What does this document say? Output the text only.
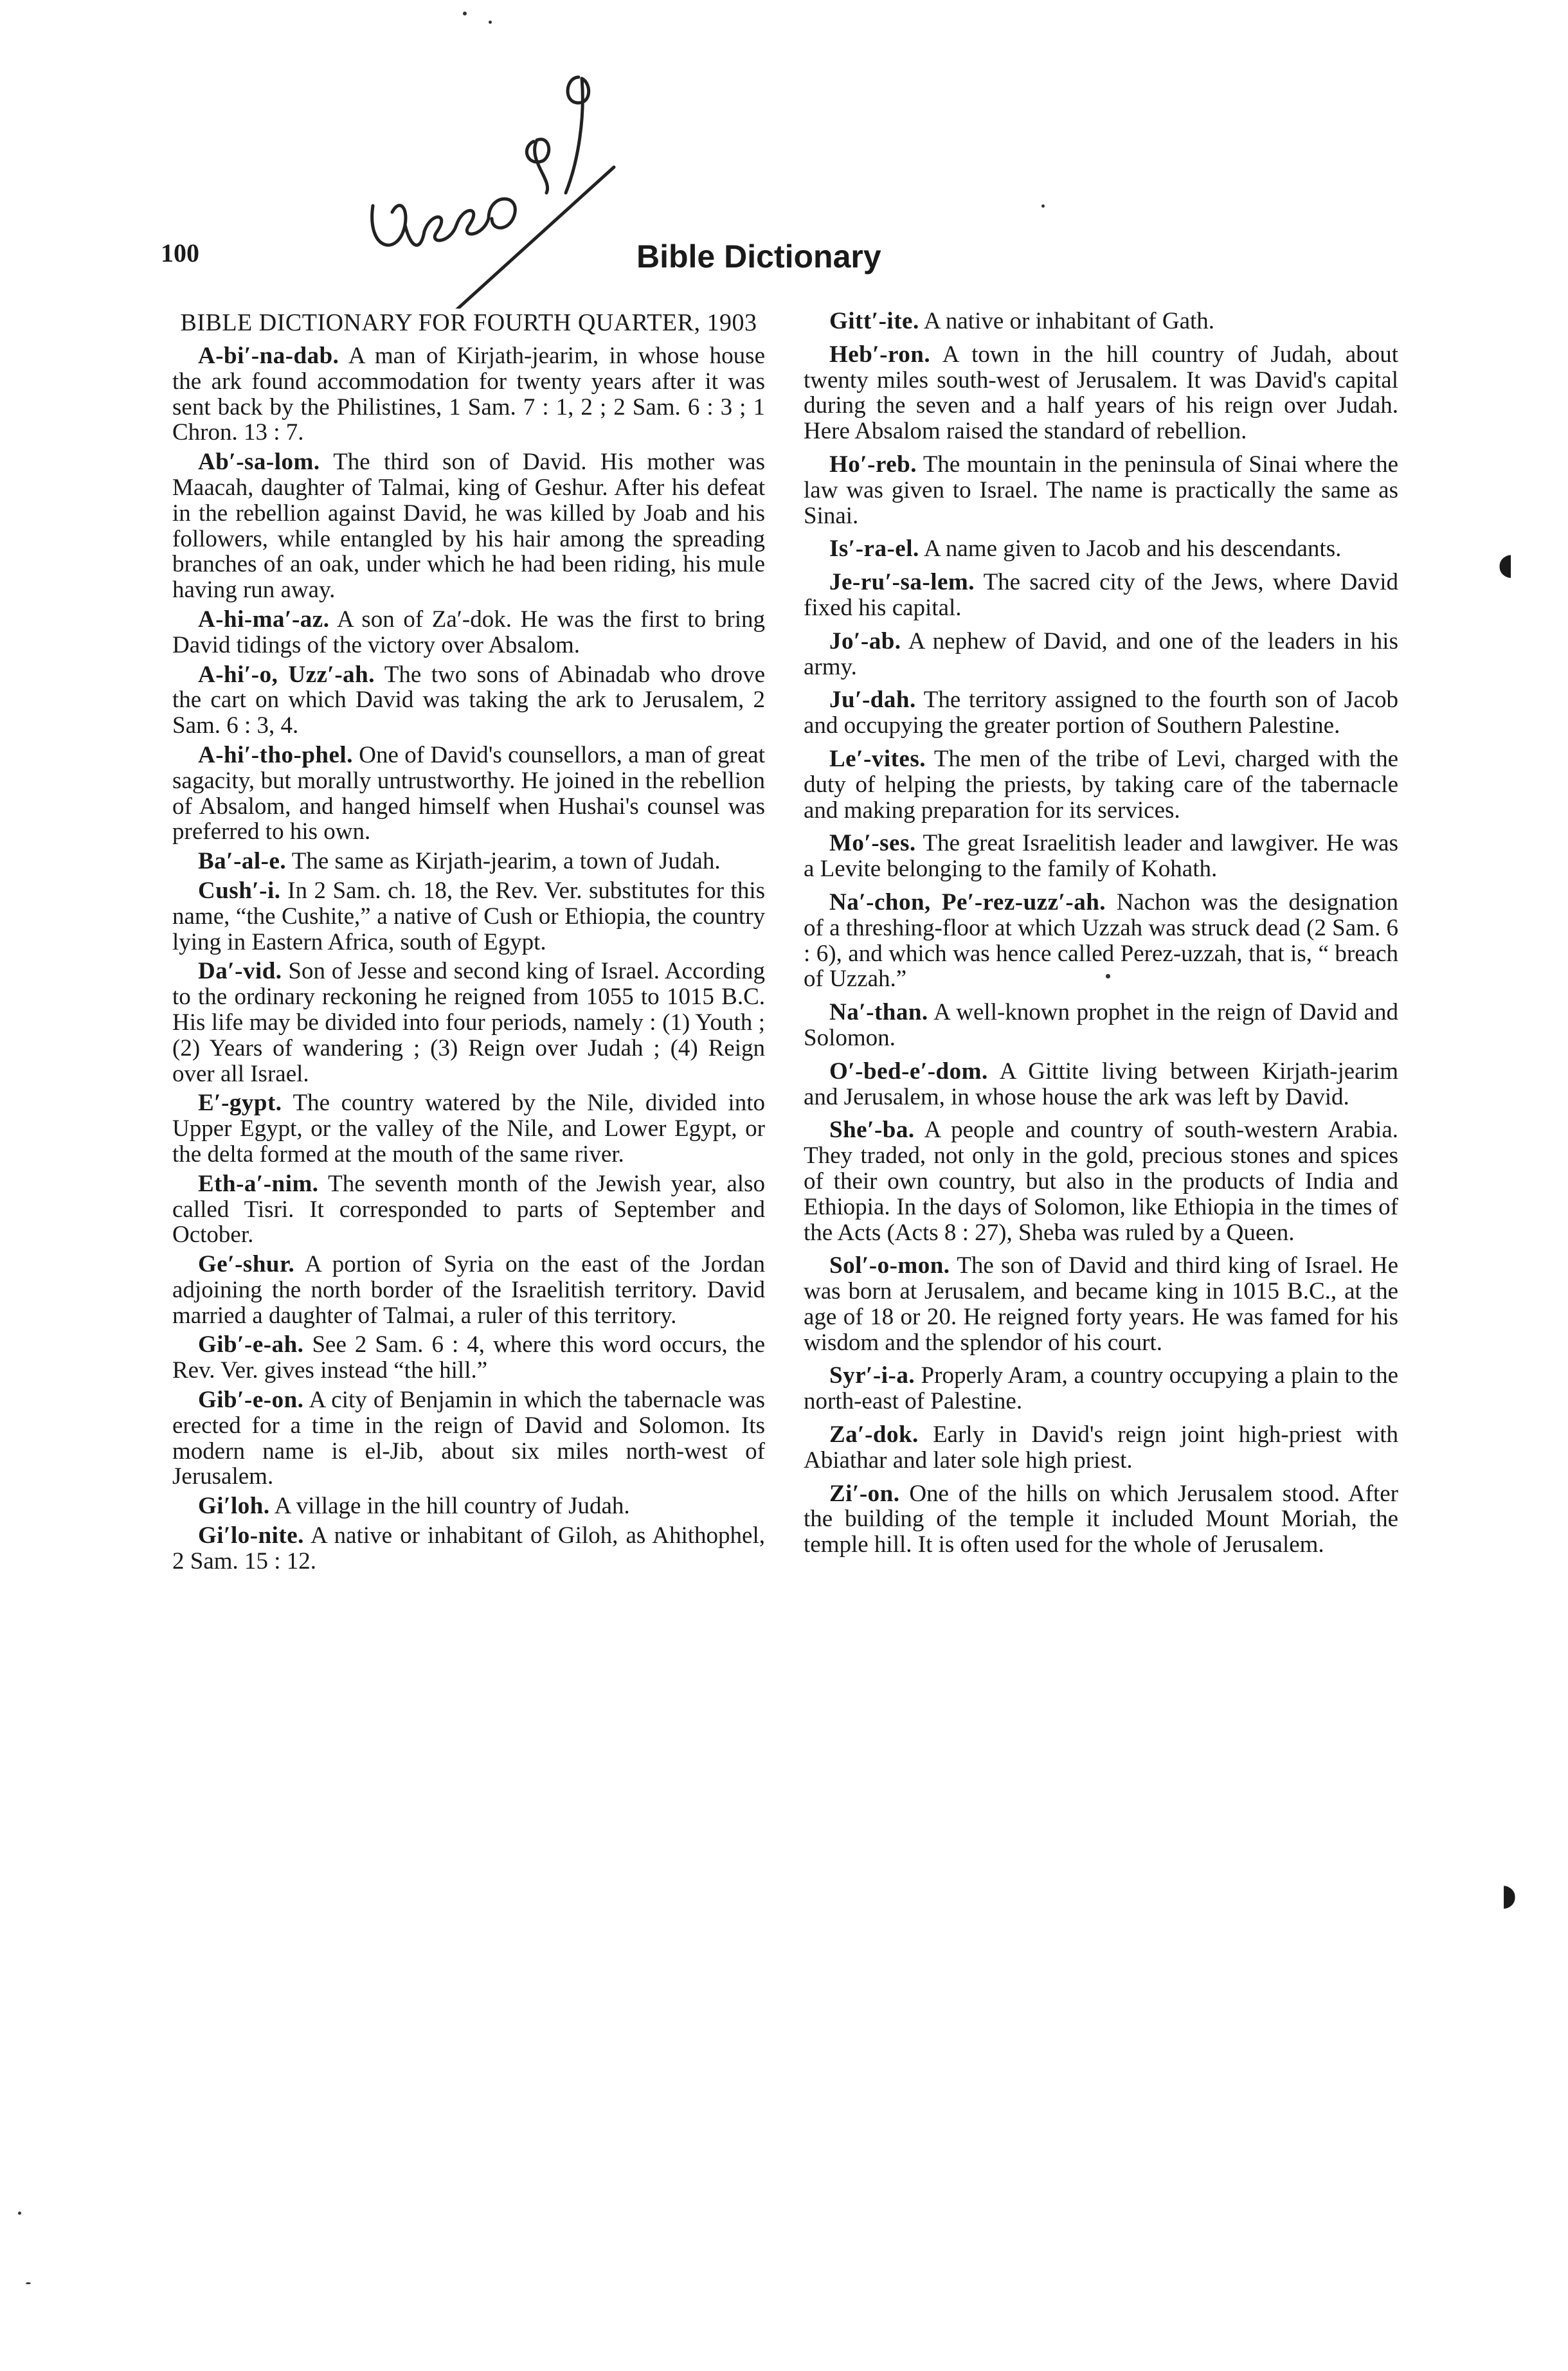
100	Bible Dictionary
BIBLE DICTIONARY FOR FOURTH QUARTER, 1903

A-bi′-na-dab. A man of Kirjath-jearim, in whose house the ark found accommodation for twenty years after it was sent back by the Philistines, 1 Sam. 7 : 1, 2 ; 2 Sam. 6 : 3 ; 1 Chron. 13 : 7.

Ab′-sa-lom. The third son of David. His mother was Maacah, daughter of Talmai, king of Geshur. After his defeat in the rebellion against David, he was killed by Joab and his followers, while entangled by his hair among the spreading branches of an oak, under which he had been riding, his mule having run away.

A-hi-ma′-az. A son of Za′-dok. He was the first to bring David tidings of the victory over Absalom.

A-hi′-o, Uzz′-ah. The two sons of Abinadab who drove the cart on which David was taking the ark to Jerusalem, 2 Sam. 6 : 3, 4.

A-hi′-tho-phel. One of David's counsellors, a man of great sagacity, but morally untrustworthy. He joined in the rebellion of Absalom, and hanged himself when Hushai's counsel was preferred to his own.

Ba′-al-e. The same as Kirjath-jearim, a town of Judah.

Cush′-i. In 2 Sam. ch. 18, the Rev. Ver. substitutes for this name, “the Cushite,” a native of Cush or Ethiopia, the country lying in Eastern Africa, south of Egypt.

Da′-vid. Son of Jesse and second king of Israel. According to the ordinary reckoning he reigned from 1055 to 1015 B.C. His life may be divided into four periods, namely : (1) Youth ; (2) Years of wandering ; (3) Reign over Judah ; (4) Reign over all Israel.

E′-gypt. The country watered by the Nile, divided into Upper Egypt, or the valley of the Nile, and Lower Egypt, or the delta formed at the mouth of the same river.

Eth-a′-nim. The seventh month of the Jewish year, also called Tisri. It corresponded to parts of September and October.

Ge′-shur. A portion of Syria on the east of the Jordan adjoining the north border of the Israelitish territory. David married a daughter of Talmai, a ruler of this territory.

Gib′-e-ah. See 2 Sam. 6 : 4, where this word occurs, the Rev. Ver. gives instead “the hill.”

Gib′-e-on. A city of Benjamin in which the tabernacle was erected for a time in the reign of David and Solomon. Its modern name is el-Jib, about six miles north-west of Jerusalem.

Gi′loh. A village in the hill country of Judah.

Gi′lo-nite. A native or inhabitant of Giloh, as Ahithophel, 2 Sam. 15 : 12.

Gitt′-ite. A native or inhabitant of Gath.

Heb′-ron. A town in the hill country of Judah, about twenty miles south-west of Jerusalem. It was David's capital during the seven and a half years of his reign over Judah. Here Absalom raised the standard of rebellion.

Ho′-reb. The mountain in the peninsula of Sinai where the law was given to Israel. The name is practically the same as Sinai.

Is′-ra-el. A name given to Jacob and his descendants.

Je-ru′-sa-lem. The sacred city of the Jews, where David fixed his capital.

Jo′-ab. A nephew of David, and one of the leaders in his army.

Ju′-dah. The territory assigned to the fourth son of Jacob and occupying the greater portion of Southern Palestine.

Le′-vites. The men of the tribe of Levi, charged with the duty of helping the priests, by taking care of the tabernacle and making preparation for its services.

Mo′-ses. The great Israelitish leader and lawgiver. He was a Levite belonging to the family of Kohath.

Na′-chon, Pe′-rez-uzz′-ah. Nachon was the designation of a threshing-floor at which Uzzah was struck dead (2 Sam. 6 : 6), and which was hence called Perez-uzzah, that is, “ breach of Uzzah.”

Na′-than. A well-known prophet in the reign of David and Solomon.

O′-bed-e′-dom. A Gittite living between Kirjath-jearim and Jerusalem, in whose house the ark was left by David.

She′-ba. A people and country of south-western Arabia. They traded, not only in the gold, precious stones and spices of their own country, but also in the products of India and Ethiopia. In the days of Solomon, like Ethiopia in the times of the Acts (Acts 8 : 27), Sheba was ruled by a Queen.

Sol′-o-mon. The son of David and third king of Israel. He was born at Jerusalem, and became king in 1015 B.C., at the age of 18 or 20. He reigned forty years. He was famed for his wisdom and the splendor of his court.

Syr′-i-a. Properly Aram, a country occupying a plain to the north-east of Palestine.

Za′-dok. Early in David's reign joint high-priest with Abiathar and later sole high priest.

Zi′-on. One of the hills on which Jerusalem stood. After the building of the temple it included Mount Moriah, the temple hill. It is often used for the whole of Jerusalem.

◖
◗
